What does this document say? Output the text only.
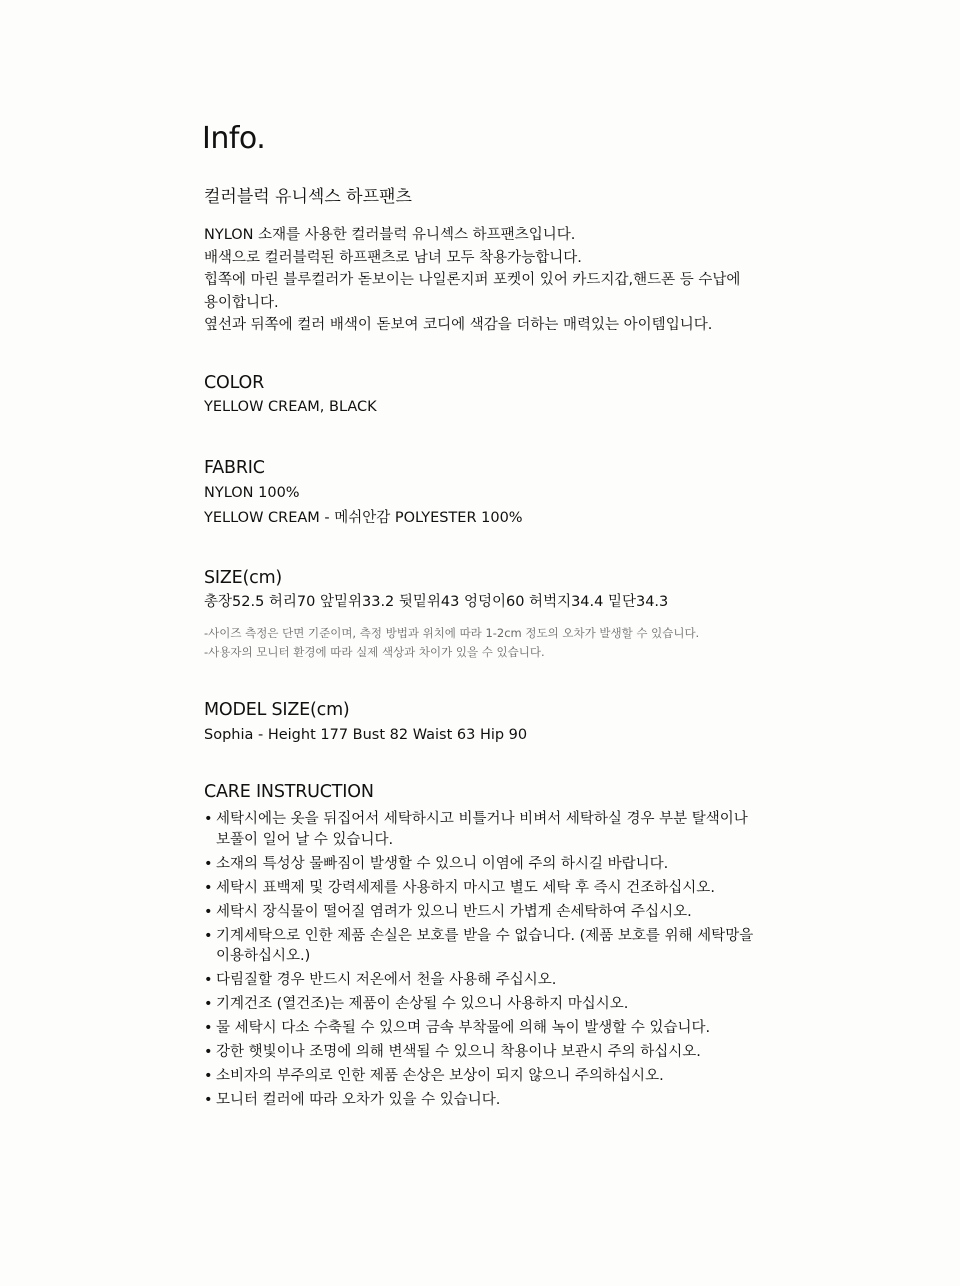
Info.
컬러블럭 유니섹스 하프팬츠
NYLON 소재를 사용한 컬러블럭 유니섹스 하프팬츠입니다.
배색으로 컬러블럭된 하프팬츠로 남녀 모두 착용가능합니다.
힙쪽에 마린 블루컬러가 돋보이는 나일론지퍼 포켓이 있어 카드지갑,핸드폰 등 수납에
용이합니다.
옆선과 뒤쪽에 컬러 배색이 돋보여 코디에 색감을 더하는 매력있는 아이템입니다.
COLOR
YELLOW CREAM, BLACK
FABRIC
NYLON 100%
YELLOW CREAM - 메쉬안감 POLYESTER 100%
SIZE(cm)
총장52.5 허리70 앞밑위33.2 뒷밑위43 엉덩이60 허벅지34.4 밑단34.3
-사이즈 측정은 단면 기준이며, 측정 방법과 위치에 따라 1-2cm 정도의 오차가 발생할 수 있습니다.
-사용자의 모니터 환경에 따라 실제 색상과 차이가 있을 수 있습니다.
MODEL SIZE(cm)
Sophia - Height 177 Bust 82 Waist 63 Hip 90
CARE INSTRUCTION
• 세탁시에는 옷을 뒤집어서 세탁하시고 비틀거나 비벼서 세탁하실 경우 부분 탈색이나
보풀이 일어 날 수 있습니다.
• 소재의 특성상 물빠짐이 발생할 수 있으니 이염에 주의 하시길 바랍니다.
• 세탁시 표백제 및 강력세제를 사용하지 마시고 별도 세탁 후 즉시 건조하십시오.
• 세탁시 장식물이 떨어질 염려가 있으니 반드시 가볍게 손세탁하여 주십시오.
• 기계세탁으로 인한 제품 손실은 보호를 받을 수 없습니다. (제품 보호를 위해 세탁망을
이용하십시오.)
• 다림질할 경우 반드시 저온에서 천을 사용해 주십시오.
• 기계건조 (열건조)는 제품이 손상될 수 있으니 사용하지 마십시오.
• 물 세탁시 다소 수축될 수 있으며 금속 부착물에 의해 녹이 발생할 수 있습니다.
• 강한 햇빛이나 조명에 의해 변색될 수 있으니 착용이나 보관시 주의 하십시오.
• 소비자의 부주의로 인한 제품 손상은 보상이 되지 않으니 주의하십시오.
• 모니터 컬러에 따라 오차가 있을 수 있습니다.
